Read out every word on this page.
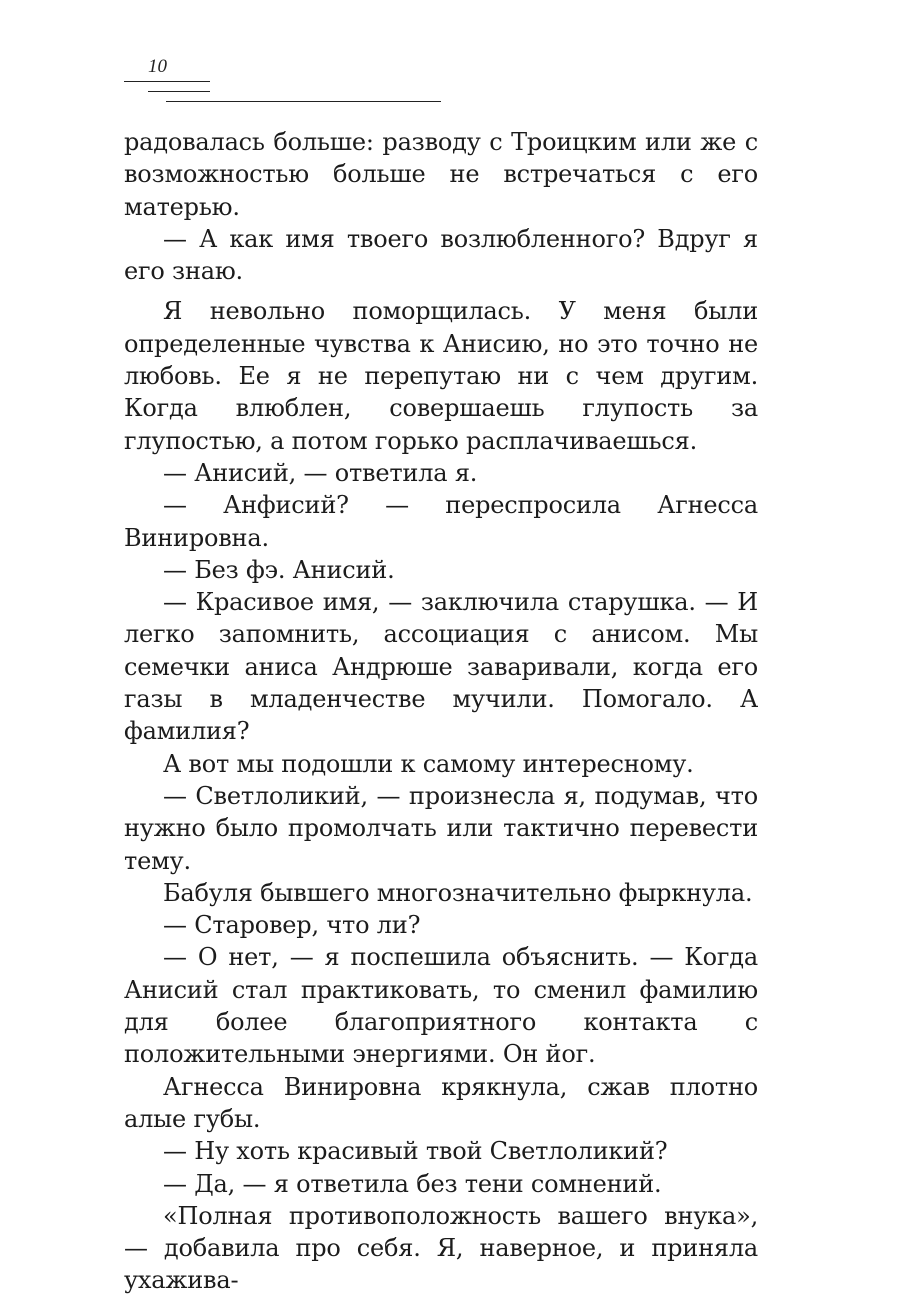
10

радовалась больше: разводу с Троицким или же с возможностью больше не встречаться с его матерью.

— А как имя твоего возлюбленного? Вдруг я его знаю.

Я невольно поморщилась. У меня были определенные чувства к Анисию, но это точно не любовь. Ее я не перепутаю ни с чем другим. Когда влюблен, совершаешь глупость за глупостью, а потом горько расплачиваешься.

— Анисий, — ответила я.

— Анфисий? — переспросила Агнесса Винировна.

— Без фэ. Анисий.

— Красивое имя, — заключила старушка. — И легко запомнить, ассоциация с анисом. Мы семечки аниса Андрюше заваривали, когда его газы в младенчестве мучили. Помогало. А фамилия?

А вот мы подошли к самому интересному.

— Светлоликий, — произнесла я, подумав, что нужно было промолчать или тактично перевести тему.

Бабуля бывшего многозначительно фыркнула.

— Старовер, что ли?

— О нет, — я поспешила объяснить. — Когда Анисий стал практиковать, то сменил фамилию для более благоприятного контакта с положительными энергиями. Он йог.

Агнесса Винировна крякнула, сжав плотно алые губы.

— Ну хоть красивый твой Светлоликий?

— Да, — я ответила без тени сомнений.

«Полная противоположность вашего внука», — добавила про себя. Я, наверное, и приняла ухажива-
